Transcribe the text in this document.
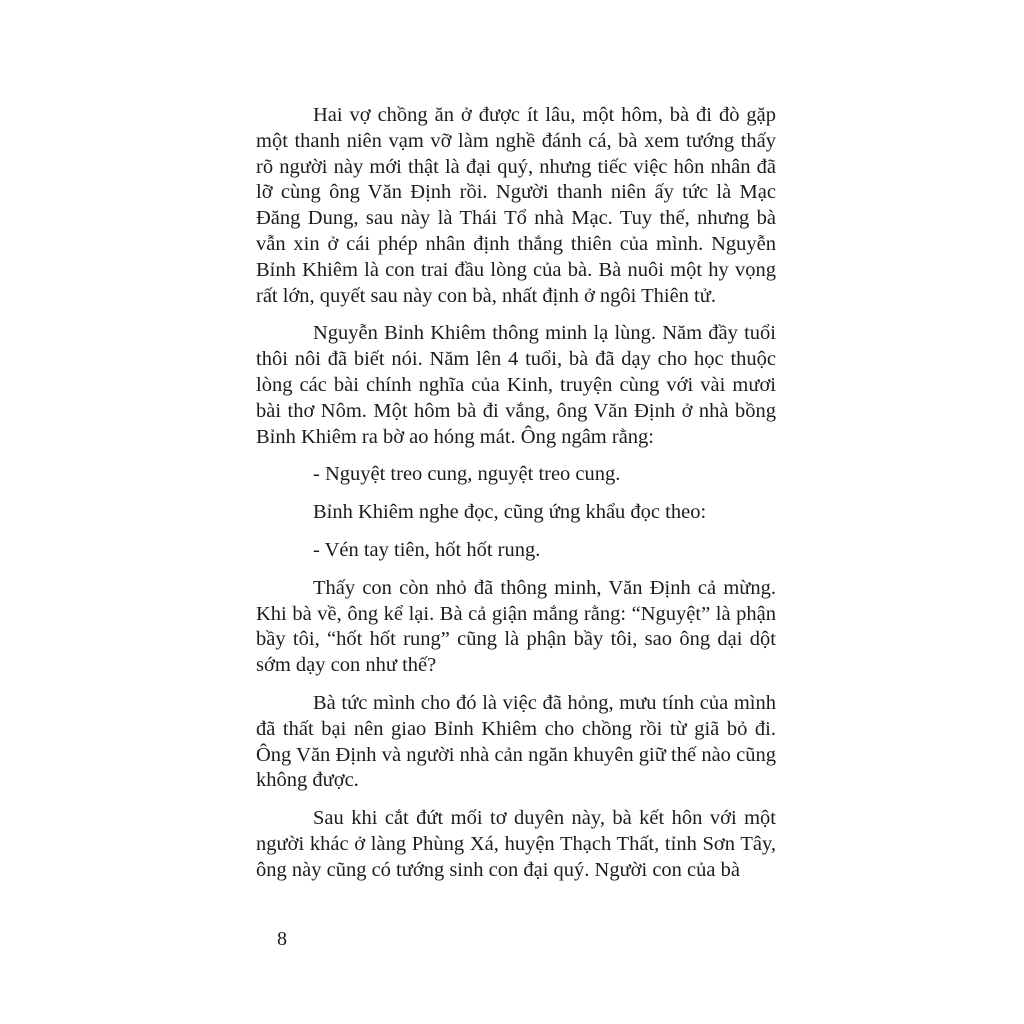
Hai vợ chồng ăn ở được ít lâu, một hôm, bà đi đò gặp một thanh niên vạm vỡ làm nghề đánh cá, bà xem tướng thấy rõ người này mới thật là đại quý, nhưng tiếc việc hôn nhân đã lỡ cùng ông Văn Định rồi. Người thanh niên ấy tức là Mạc Đăng Dung, sau này là Thái Tổ nhà Mạc. Tuy thế, nhưng bà vẫn xin ở cái phép nhân định thắng thiên của mình. Nguyễn Bỉnh Khiêm là con trai đầu lòng của bà. Bà nuôi một hy vọng rất lớn, quyết sau này con bà, nhất định ở ngôi Thiên tử.

Nguyễn Bỉnh Khiêm thông minh lạ lùng. Năm đầy tuổi thôi nôi đã biết nói. Năm lên 4 tuổi, bà đã dạy cho học thuộc lòng các bài chính nghĩa của Kinh, truyện cùng với vài mươi bài thơ Nôm. Một hôm bà đi vắng, ông Văn Định ở nhà bồng Bỉnh Khiêm ra bờ ao hóng mát. Ông ngâm rằng:

- Nguyệt treo cung, nguyệt treo cung.

Bỉnh Khiêm nghe đọc, cũng ứng khẩu đọc theo:

- Vén tay tiên, hốt hốt rung.

Thấy con còn nhỏ đã thông minh, Văn Định cả mừng. Khi bà về, ông kể lại. Bà cả giận mắng rằng: “Nguyệt” là phận bầy tôi, “hốt hốt rung” cũng là phận bầy tôi, sao ông dại dột sớm dạy con như thế?

Bà tức mình cho đó là việc đã hỏng, mưu tính của mình đã thất bại nên giao Bỉnh Khiêm cho chồng rồi từ giã bỏ đi. Ông Văn Định và người nhà cản ngăn khuyên giữ thế nào cũng không được.

Sau khi cắt đứt mối tơ duyên này, bà kết hôn với một người khác ở làng Phùng Xá, huyện Thạch Thất, tỉnh Sơn Tây, ông này cũng có tướng sinh con đại quý. Người con của bà

8
